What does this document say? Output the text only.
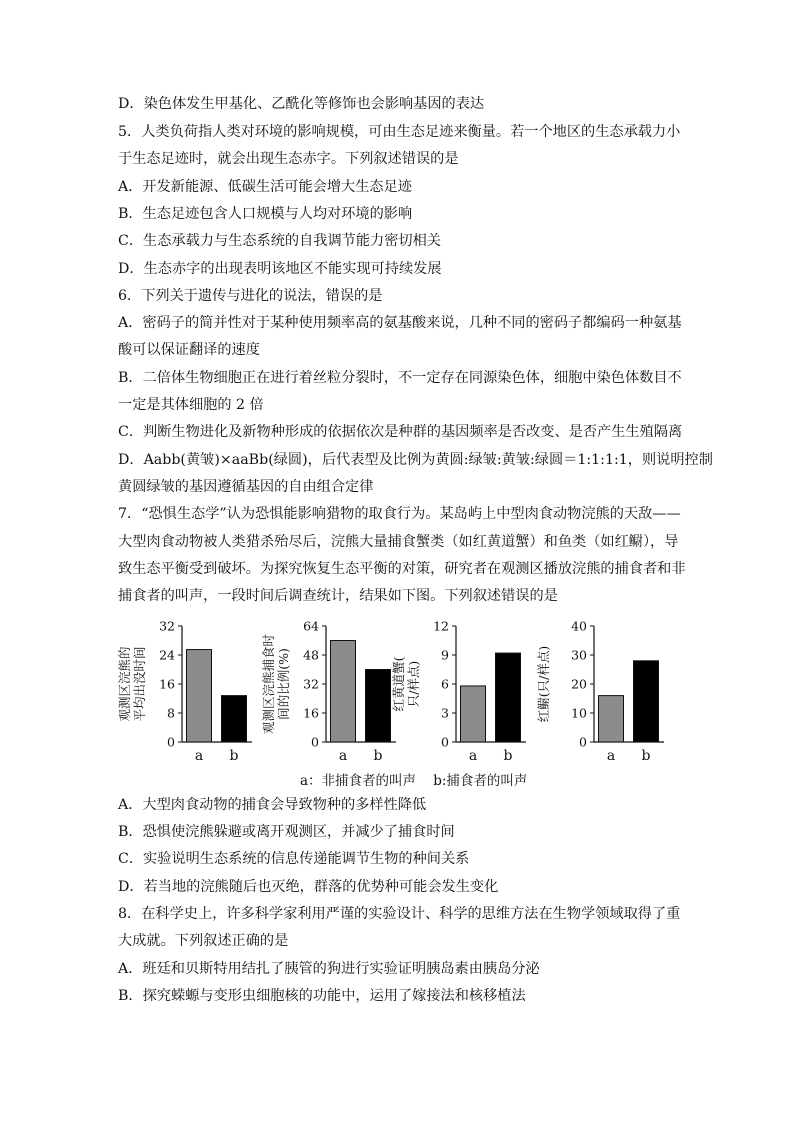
D．染色体发生甲基化、乙酰化等修饰也会影响基因的表达
5．人类负荷指人类对环境的影响规模，可由生态足迹来衡量。若一个地区的生态承载力小
于生态足迹时，就会出现生态赤字。下列叙述错误的是
A．开发新能源、低碳生活可能会增大生态足迹
B．生态足迹包含人口规模与人均对环境的影响
C．生态承载力与生态系统的自我调节能力密切相关
D．生态赤字的出现表明该地区不能实现可持续发展
6．下列关于遗传与进化的说法，错误的是
A．密码子的简并性对于某种使用频率高的氨基酸来说，几种不同的密码子都编码一种氨基
酸可以保证翻译的速度
B．二倍体生物细胞正在进行着丝粒分裂时，不一定存在同源染色体，细胞中染色体数目不
一定是其体细胞的 2 倍
C．判断生物进化及新物种形成的依据依次是种群的基因频率是否改变、是否产生生殖隔离
D．Aabb(黄皱)×aaBb(绿圆)，后代表型及比例为黄圆:绿皱:黄皱:绿圆＝1:1:1:1，则说明控制
黄圆绿皱的基因遵循基因的自由组合定律
7．“恐惧生态学”认为恐惧能影响猎物的取食行为。某岛屿上中型肉食动物浣熊的天敌——
大型肉食动物被人类猎杀殆尽后，浣熊大量捕食蟹类（如红黄道蟹）和鱼类（如红鳚），导
致生态平衡受到破坏。为探究恢复生态平衡的对策，研究者在观测区播放浣熊的捕食者和非
捕食者的叫声，一段时间后调查统计，结果如下图。下列叙述错误的是
观测区浣熊的 平均出没时间
0
8
16
24
32
a b
观测区浣熊捕食时 间的比例(%)
0
16
32
48
64
a b
红黄道蟹( 只/样点)
0
3
6
9
12
a b
红鳚(只/样点)
0
10
20
30
40
a b
a：非捕食者的叫声    b:捕食者的叫声
A．大型肉食动物的捕食会导致物种的多样性降低
B．恐惧使浣熊躲避或离开观测区，并减少了捕食时间
C．实验说明生态系统的信息传递能调节生物的种间关系
D．若当地的浣熊随后也灭绝，群落的优势种可能会发生变化
8．在科学史上，许多科学家利用严谨的实验设计、科学的思维方法在生物学领域取得了重
大成就。下列叙述正确的是
A．班廷和贝斯特用结扎了胰管的狗进行实验证明胰岛素由胰岛分泌
B．探究蝾螈与变形虫细胞核的功能中，运用了嫁接法和核移植法
